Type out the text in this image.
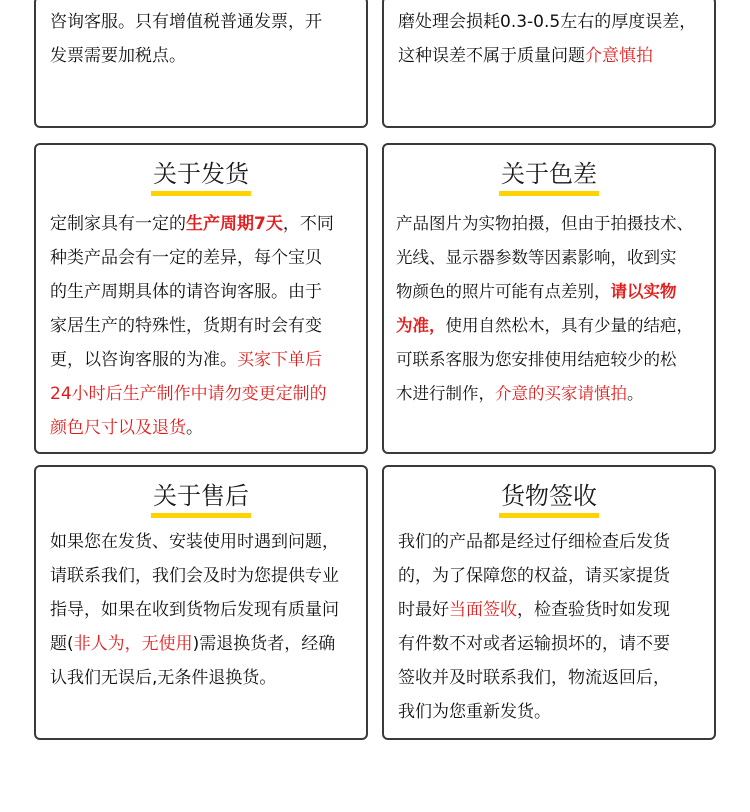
咨询客服。只有增值税普通发票，开
发票需要加税点。
磨处理会损耗0.3-0.5左右的厚度误差，
这种误差不属于质量问题介意慎拍
关于发货
定制家具有一定的生产周期7天，不同
种类产品会有一定的差异，每个宝贝
的生产周期具体的请咨询客服。由于
家居生产的特殊性，货期有时会有变
更，以咨询客服的为准。买家下单后
24小时后生产制作中请勿变更定制的
颜色尺寸以及退货。
关于色差
产品图片为实物拍摄，但由于拍摄技术、
光线、显示器参数等因素影响，收到实
物颜色的照片可能有点差别，请以实物
为准，使用自然松木，具有少量的结疤，
可联系客服为您安排使用结疤较少的松
木进行制作，介意的买家请慎拍。
关于售后
如果您在发货、安装使用时遇到问题，
请联系我们，我们会及时为您提供专业
指导，如果在收到货物后发现有质量问
题(非人为，无使用)需退换货者，经确
认我们无误后,无条件退换货。
货物签收
我们的产品都是经过仔细检查后发货
的，为了保障您的权益，请买家提货
时最好当面签收，检查验货时如发现
有件数不对或者运输损坏的，请不要
签收并及时联系我们，物流返回后，
我们为您重新发货。
